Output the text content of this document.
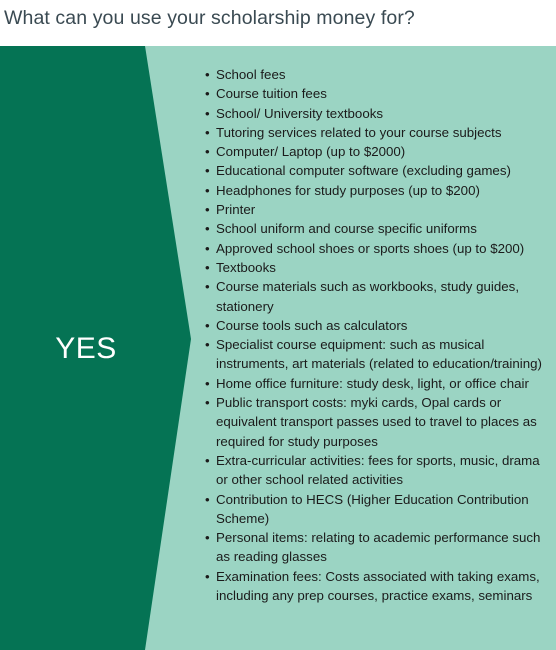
What can you use your scholarship money for?
YES
• School fees
• Course tuition fees
• School/ University textbooks
• Tutoring services related to your course subjects
• Computer/ Laptop (up to $2000)
• Educational computer software (excluding games)
• Headphones for study purposes (up to $200)
• Printer
• School uniform and course specific uniforms
• Approved school shoes or sports shoes (up to $200)
• Textbooks
• Course materials such as workbooks, study guides, stationery
• Course tools such as calculators
• Specialist course equipment: such as musical instruments, art materials (related to education/training)
• Home office furniture: study desk, light, or office chair
• Public transport costs: myki cards, Opal cards or equivalent transport passes used to travel to places as required for study purposes
• Extra-curricular activities: fees for sports, music, drama or other school related activities
• Contribution to HECS (Higher Education Contribution Scheme)
• Personal items: relating to academic performance such as reading glasses
• Examination fees: Costs associated with taking exams, including any prep courses, practice exams, seminars
